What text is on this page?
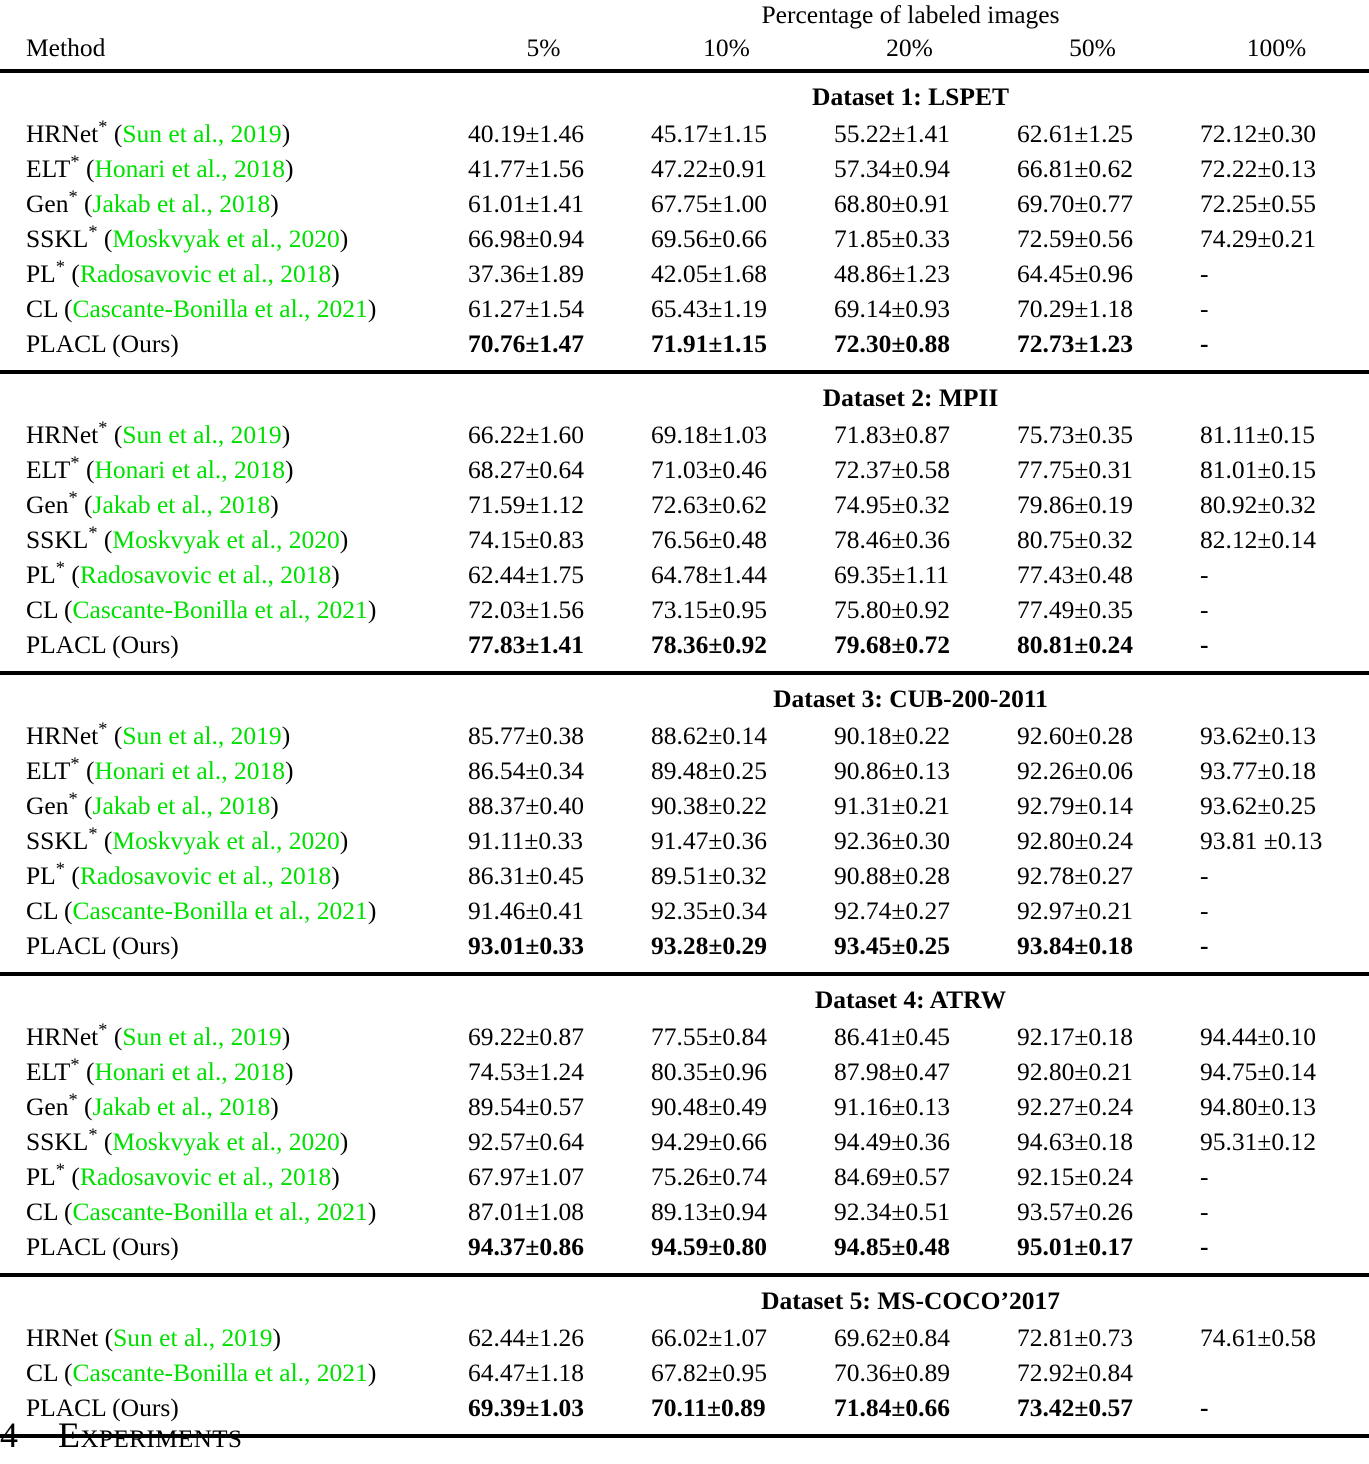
	Percentage of labeled images				
Method	5%	10%	20%	50%	100%

	Dataset 1: LSPET				
HRNet* (Sun et al., 2019)	40.19±1.46	45.17±1.15	55.22±1.41	62.61±1.25	72.12±0.30
ELT* (Honari et al., 2018)	41.77±1.56	47.22±0.91	57.34±0.94	66.81±0.62	72.22±0.13
Gen* (Jakab et al., 2018)	61.01±1.41	67.75±1.00	68.80±0.91	69.70±0.77	72.25±0.55
SSKL* (Moskvyak et al., 2020)	66.98±0.94	69.56±0.66	71.85±0.33	72.59±0.56	74.29±0.21
PL* (Radosavovic et al., 2018)	37.36±1.89	42.05±1.68	48.86±1.23	64.45±0.96	-
CL (Cascante-Bonilla et al., 2021)	61.27±1.54	65.43±1.19	69.14±0.93	70.29±1.18	-
PLACL (Ours)	70.76±1.47	71.91±1.15	72.30±0.88	72.73±1.23	-

	Dataset 2: MPII				
HRNet* (Sun et al., 2019)	66.22±1.60	69.18±1.03	71.83±0.87	75.73±0.35	81.11±0.15
ELT* (Honari et al., 2018)	68.27±0.64	71.03±0.46	72.37±0.58	77.75±0.31	81.01±0.15
Gen* (Jakab et al., 2018)	71.59±1.12	72.63±0.62	74.95±0.32	79.86±0.19	80.92±0.32
SSKL* (Moskvyak et al., 2020)	74.15±0.83	76.56±0.48	78.46±0.36	80.75±0.32	82.12±0.14
PL* (Radosavovic et al., 2018)	62.44±1.75	64.78±1.44	69.35±1.11	77.43±0.48	-
CL (Cascante-Bonilla et al., 2021)	72.03±1.56	73.15±0.95	75.80±0.92	77.49±0.35	-
PLACL (Ours)	77.83±1.41	78.36±0.92	79.68±0.72	80.81±0.24	-

	Dataset 3: CUB-200-2011				
HRNet* (Sun et al., 2019)	85.77±0.38	88.62±0.14	90.18±0.22	92.60±0.28	93.62±0.13
ELT* (Honari et al., 2018)	86.54±0.34	89.48±0.25	90.86±0.13	92.26±0.06	93.77±0.18
Gen* (Jakab et al., 2018)	88.37±0.40	90.38±0.22	91.31±0.21	92.79±0.14	93.62±0.25
SSKL* (Moskvyak et al., 2020)	91.11±0.33	91.47±0.36	92.36±0.30	92.80±0.24	93.81 ±0.13
PL* (Radosavovic et al., 2018)	86.31±0.45	89.51±0.32	90.88±0.28	92.78±0.27	-
CL (Cascante-Bonilla et al., 2021)	91.46±0.41	92.35±0.34	92.74±0.27	92.97±0.21	-
PLACL (Ours)	93.01±0.33	93.28±0.29	93.45±0.25	93.84±0.18	-

	Dataset 4: ATRW				
HRNet* (Sun et al., 2019)	69.22±0.87	77.55±0.84	86.41±0.45	92.17±0.18	94.44±0.10
ELT* (Honari et al., 2018)	74.53±1.24	80.35±0.96	87.98±0.47	92.80±0.21	94.75±0.14
Gen* (Jakab et al., 2018)	89.54±0.57	90.48±0.49	91.16±0.13	92.27±0.24	94.80±0.13
SSKL* (Moskvyak et al., 2020)	92.57±0.64	94.29±0.66	94.49±0.36	94.63±0.18	95.31±0.12
PL* (Radosavovic et al., 2018)	67.97±1.07	75.26±0.74	84.69±0.57	92.15±0.24	-
CL (Cascante-Bonilla et al., 2021)	87.01±1.08	89.13±0.94	92.34±0.51	93.57±0.26	-
PLACL (Ours)	94.37±0.86	94.59±0.80	94.85±0.48	95.01±0.17	-

	Dataset 5: MS-COCO’2017				
HRNet (Sun et al., 2019)	62.44±1.26	66.02±1.07	69.62±0.84	72.81±0.73	74.61±0.58
CL (Cascante-Bonilla et al., 2021)	64.47±1.18	67.82±0.95	70.36±0.89	72.92±0.84	
PLACL (Ours)	69.39±1.03	70.11±0.89	71.84±0.66	73.42±0.57	-

4 Experiments
